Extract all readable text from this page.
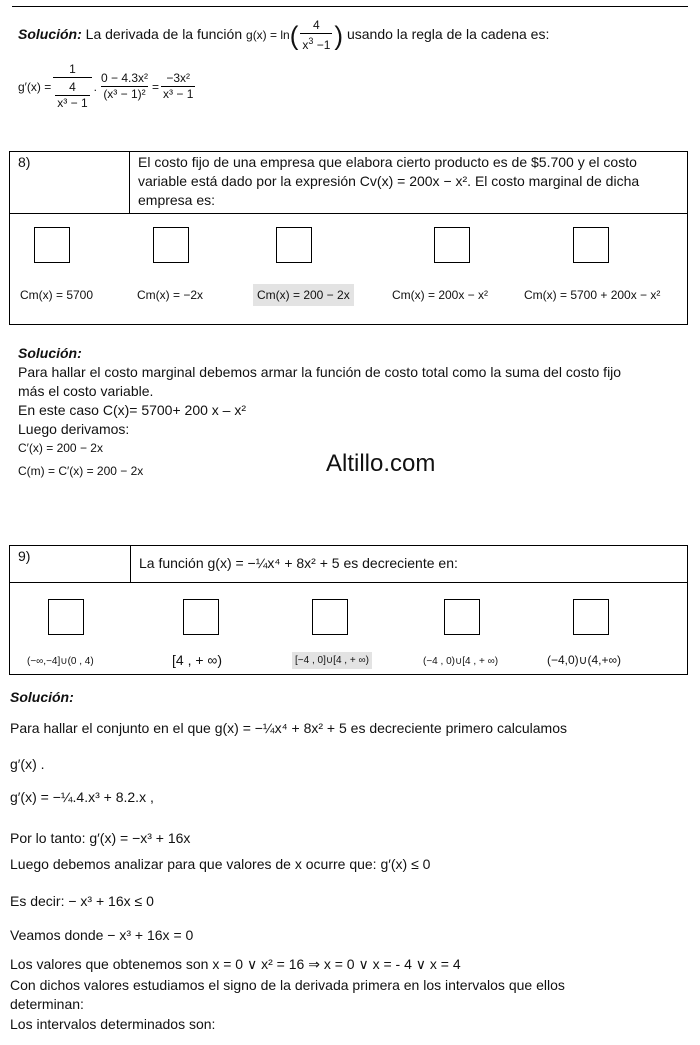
Solución: La derivada de la función $g(x) = \ln( \frac{4}{x^3 -1}$ ) usando la regla de la cadena es:
$g'(x) = \frac{1}{\frac{4}{\text{x³ − 1}}}$ . $\frac{\text{0 − 4.3x²}}{\text{(x³ − 1)²}} = \frac{\text{−3x²}}{\text{x³ − 1}}$
8)	El costo fijo de una empresa que elabora cierto producto es de $5.700 y el costo variable está dado por la expresión Cv(x) = 200x − x². El costo marginal de dicha empresa es:
Cm(x) = 5700	Cm(x) = −2x	Cm(x) = 200 − 2x	Cm(x) = 200x − x²	Cm(x) = 5700 + 200x − x²
Solución:
Para hallar el costo marginal debemos armar la función de costo total como la suma del costo fijo
más el costo variable.
En este caso C(x)= 5700+ 200 x – x²
Luego derivamos:
C′(x) = 200 − 2x
C(m) = C′(x) = 200 − 2x	Altillo.com
9)	La función g(x) = −¼x⁴ + 8x² + 5 es decreciente en:
(−∞,−4]∪(0 , 4)	[4 , + ∞)	[−4 , 0]∪[4 , + ∞)	(−4 , 0)∪[4 , + ∞)	(−4,0)∪(4,+∞)
Solución:
Para hallar el conjunto en el que g(x) = −¼x⁴ + 8x² + 5 es decreciente primero calculamos
g′(x) .
g′(x) = −¼.4.x³ + 8.2.x ,
Por lo tanto: g′(x) = −x³ + 16x
Luego debemos analizar para que valores de x ocurre que: g′(x) ≤ 0
Es decir: − x³ + 16x ≤ 0
Veamos donde − x³ + 16x = 0
Los valores que obtenemos son x = 0 ∨ x² = 16 ⇒ x = 0 ∨ x = - 4 ∨ x = 4
Con dichos valores estudiamos el signo de la derivada primera en los intervalos que ellos
determinan:
Los intervalos determinados son:
